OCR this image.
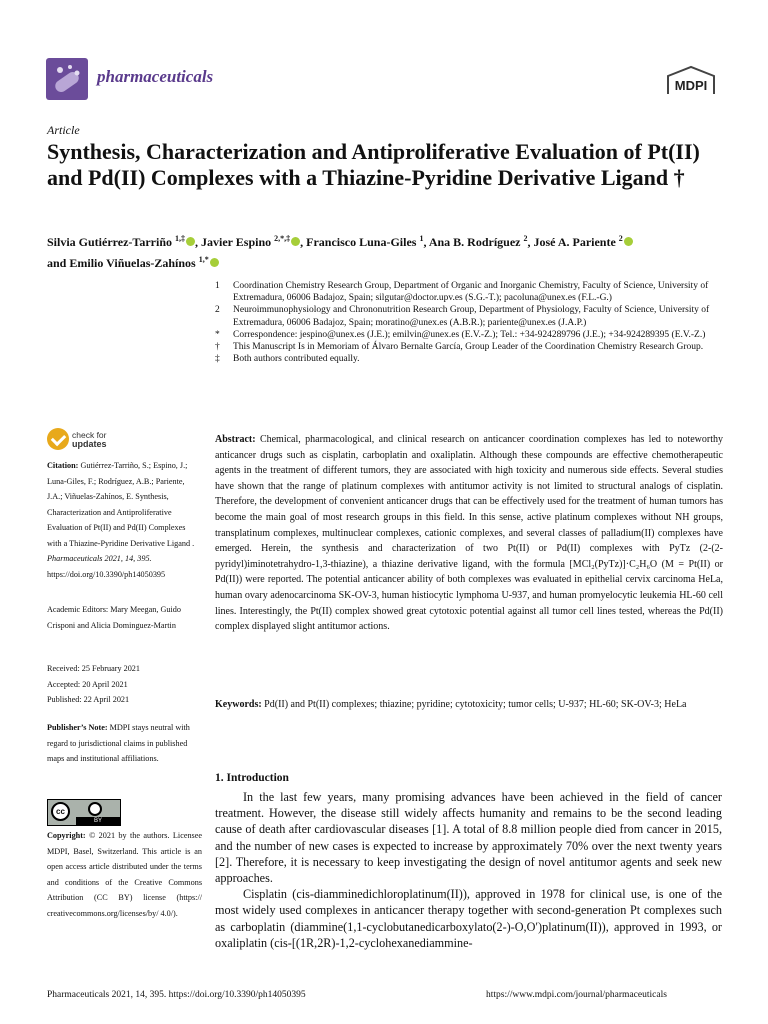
pharmaceuticals	MDPI
Article
Synthesis, Characterization and Antiproliferative Evaluation of Pt(II) and Pd(II) Complexes with a Thiazine-Pyridine Derivative Ligand †
Silvia Gutiérrez-Tarriño $^{1,\ddagger}$ , Javier Espino $^{2,*,\ddagger}$ , Francisco Luna-Giles $^1$, Ana B. Rodríguez $^2$, José A. Pariente $^2$
and Emilio Viñuelas-Zahínos $^{1,*}$
1	Coordination Chemistry Research Group, Department of Organic and Inorganic Chemistry, Faculty of Science, University of Extremadura, 06006 Badajoz, Spain; silgutar@doctor.upv.es (S.G.-T.); pacoluna@unex.es (F.L.-G.)
2	Neuroimmunophysiology and Chrononutrition Research Group, Department of Physiology, Faculty of Science, University of Extremadura, 06006 Badajoz, Spain; moratino@unex.es (A.B.R.); pariente@unex.es (J.A.P.)
*	Correspondence: jespino@unex.es (J.E.); emilvin@unex.es (E.V.-Z.); Tel.: +34-924289796 (J.E.); +34-924289395 (E.V.-Z.)
†	This Manuscript Is in Memoriam of Álvaro Bernalte García, Group Leader of the Coordination Chemistry Research Group.
‡	Both authors contributed equally.
check for
updates
Citation: Gutiérrez-Tarriño, S.; Espino, J.; Luna-Giles, F.; Rodríguez, A.B.; Pariente, J.A.; Viñuelas-Zahínos, E. Synthesis, Characterization and Antiproliferative Evaluation of Pt(II) and Pd(II) Complexes with a Thiazine-Pyridine Derivative Ligand . Pharmaceuticals 2021, 14, 395. https://doi.org/10.3390/ph14050395
Academic Editors: Mary Meegan, Guido Crisponi and Alicia Dominguez-Martin
Received: 25 February 2021
Accepted: 20 April 2021
Published: 22 April 2021
Publisher’s Note: MDPI stays neutral with regard to jurisdictional claims in published maps and institutional affiliations.
cc
BY
Copyright: © 2021 by the authors. Licensee MDPI, Basel, Switzerland. This article is an open access article distributed under the terms and conditions of the Creative Commons Attribution (CC BY) license (https:// creativecommons.org/licenses/by/ 4.0/).
Abstract: Chemical, pharmacological, and clinical research on anticancer coordination complexes has led to noteworthy anticancer drugs such as cisplatin, carboplatin and oxaliplatin. Although these compounds are effective chemotherapeutic agents in the treatment of different tumors, they are associated with high toxicity and numerous side effects. Several studies have shown that the range of platinum complexes with antitumor activity is not limited to structural analogs of cisplatin. Therefore, the development of convenient anticancer drugs that can be effectively used for the treatment of human tumors has become the main goal of most research groups in this field. In this sense, active platinum complexes without NH groups, transplatinum complexes, multinuclear complexes, cationic complexes, and several classes of palladium(II) complexes have emerged. Herein, the synthesis and characterization of two Pt(II) or Pd(II) complexes with PyTz (2-(2-pyridyl)iminotetrahydro-1,3-thiazine), a thiazine derivative ligand, with the formula [MCl₂(PyTz)]·C₂H₆O (M = Pt(II) or Pd(II)) were reported. The potential anticancer ability of both complexes was evaluated in epithelial cervix carcinoma HeLa, human ovary adenocarcinoma SK-OV-3, human histiocytic lymphoma U-937, and human promyelocytic leukemia HL-60 cell lines. Interestingly, the Pt(II) complex showed great cytotoxic potential against all tumor cell lines tested, whereas the Pd(II) complex displayed slight antitumor actions.
Keywords: Pd(II) and Pt(II) complexes; thiazine; pyridine; cytotoxicity; tumor cells; U-937; HL-60; SK-OV-3; HeLa
1. Introduction

In the last few years, many promising advances have been achieved in the field of cancer treatment. However, the disease still widely affects humanity and remains to be the second leading cause of death after cardiovascular diseases [1]. A total of 8.8 million people died from cancer in 2015, and the number of new cases is expected to increase by approximately 70% over the next twenty years [2]. Therefore, it is necessary to keep investigating the design of novel antitumor agents and seek new approaches.

Cisplatin (cis-diamminedichloroplatinum(II)), approved in 1978 for clinical use, is one of the most widely used complexes in anticancer therapy together with second-generation Pt complexes such as carboplatin (diammine(1,1-cyclobutanedicarboxylato(2-)-O,O′)platinum(II)), approved in 1993, or oxaliplatin (cis-[(1R,2R)-1,2-cyclohexanediammine-

Pharmaceuticals 2021, 14, 395. https://doi.org/10.3390/ph14050395	https://www.mdpi.com/journal/pharmaceuticals
